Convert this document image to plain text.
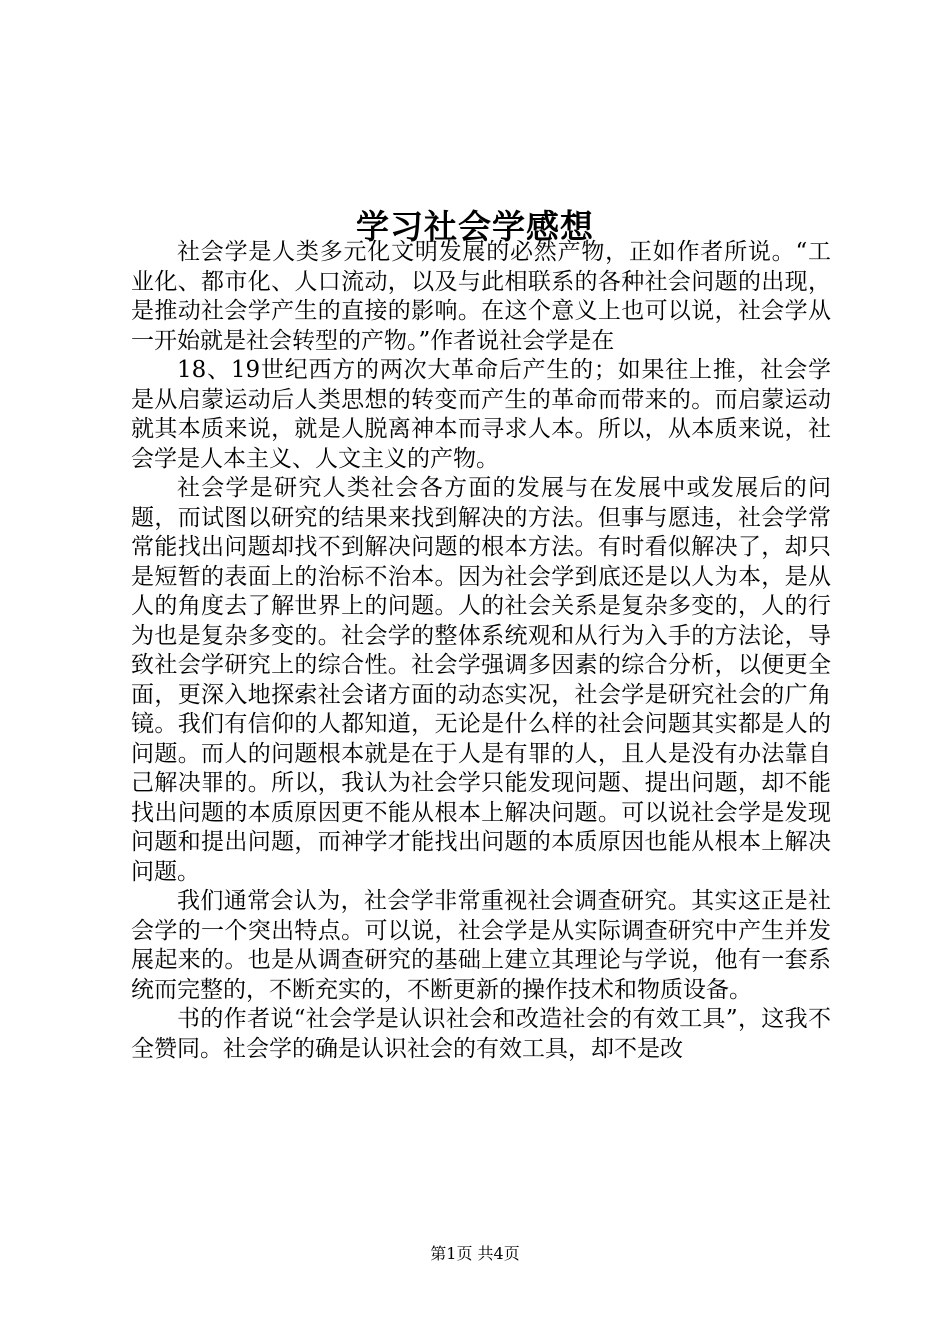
学习社会学感想

社会学是人类多元化文明发展的必然产物，正如作者所说。“工业化、都市化、人口流动，以及与此相联系的各种社会问题的出现，是推动社会学产生的直接的影响。在这个意义上也可以说，社会学从一开始就是社会转型的产物。”作者说社会学是在

18、19世纪西方的两次大革命后产生的；如果往上推，社会学是从启蒙运动后人类思想的转变而产生的革命而带来的。而启蒙运动就其本质来说，就是人脱离神本而寻求人本。所以，从本质来说，社会学是人本主义、人文主义的产物。

社会学是研究人类社会各方面的发展与在发展中或发展后的问题，而试图以研究的结果来找到解决的方法。但事与愿违，社会学常常能找出问题却找不到解决问题的根本方法。有时看似解决了，却只是短暂的表面上的治标不治本。因为社会学到底还是以人为本，是从人的角度去了解世界上的问题。人的社会关系是复杂多变的，人的行为也是复杂多变的。社会学的整体系统观和从行为入手的方法论，导致社会学研究上的综合性。社会学强调多因素的综合分析，以便更全面，更深入地探索社会诸方面的动态实况，社会学是研究社会的广角镜。我们有信仰的人都知道，无论是什么样的社会问题其实都是人的问题。而人的问题根本就是在于人是有罪的人，且人是没有办法靠自己解决罪的。所以，我认为社会学只能发现问题、提出问题，却不能找出问题的本质原因更不能从根本上解决问题。可以说社会学是发现问题和提出问题，而神学才能找出问题的本质原因也能从根本上解决问题。

我们通常会认为，社会学非常重视社会调查研究。其实这正是社会学的一个突出特点。可以说，社会学是从实际调查研究中产生并发展起来的。也是从调查研究的基础上建立其理论与学说，他有一套系统而完整的，不断充实的，不断更新的操作技术和物质设备。

书的作者说“社会学是认识社会和改造社会的有效工具”，这我不全赞同。社会学的确是认识社会的有效工具，却不是改

第1页 共4页
